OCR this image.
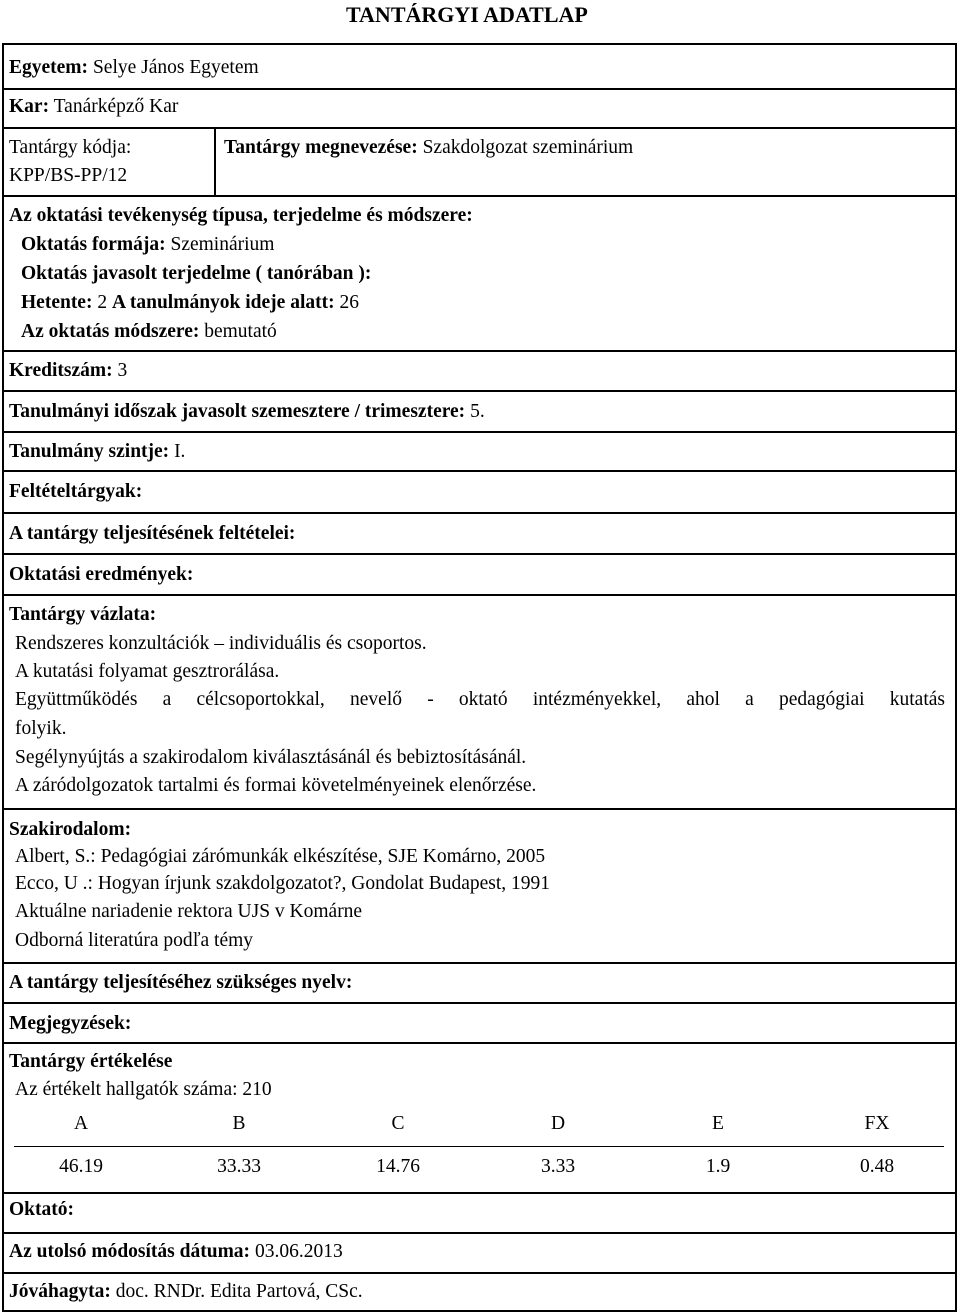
TANTÁRGYI ADATLAP
Egyetem: Selye János Egyetem
Kar: Tanárképző Kar
Tantárgy kódja:
KPP/BS-PP/12
Tantárgy megnevezése: Szakdolgozat szeminárium
Az oktatási tevékenység típusa, terjedelme és módszere:
Oktatás formája: Szeminárium
Oktatás javasolt terjedelme ( tanórában ):
Hetente: 2 A tanulmányok ideje alatt: 26
Az oktatás módszere: bemutató
Kreditszám: 3
Tanulmányi időszak javasolt szemesztere / trimesztere: 5.
Tanulmány szintje: I.
Feltételtárgyak:
A tantárgy teljesítésének feltételei:
Oktatási eredmények:
Tantárgy vázlata:
Rendszeres konzultációk – individuális és csoportos.
A kutatási folyamat gesztrorálása.
Együttműködés a célcsoportokkal, nevelő - oktató intézményekkel, ahol a pedagógiai kutatás
folyik.
Segélynyújtás a szakirodalom kiválasztásánál és bebiztosításánál.
A záródolgozatok tartalmi és formai követelményeinek elenőrzése.
Szakirodalom:
Albert, S.: Pedagógiai zárómunkák elkészítése, SJE Komárno, 2005
Ecco, U .: Hogyan írjunk szakdolgozatot?, Gondolat Budapest, 1991
Aktuálne nariadenie rektora UJS v Komárne
Odborná literatúra podľa témy
A tantárgy teljesítéséhez szükséges nyelv:
Megjegyzések:
Tantárgy értékelése
Az értékelt hallgatók száma: 210
A	B	C	D	E	FX
46.19	33.33	14.76	3.33	1.9	0.48
Oktató:
Az utolsó módosítás dátuma: 03.06.2013
Jóváhagyta: doc. RNDr. Edita Partová, CSc.
